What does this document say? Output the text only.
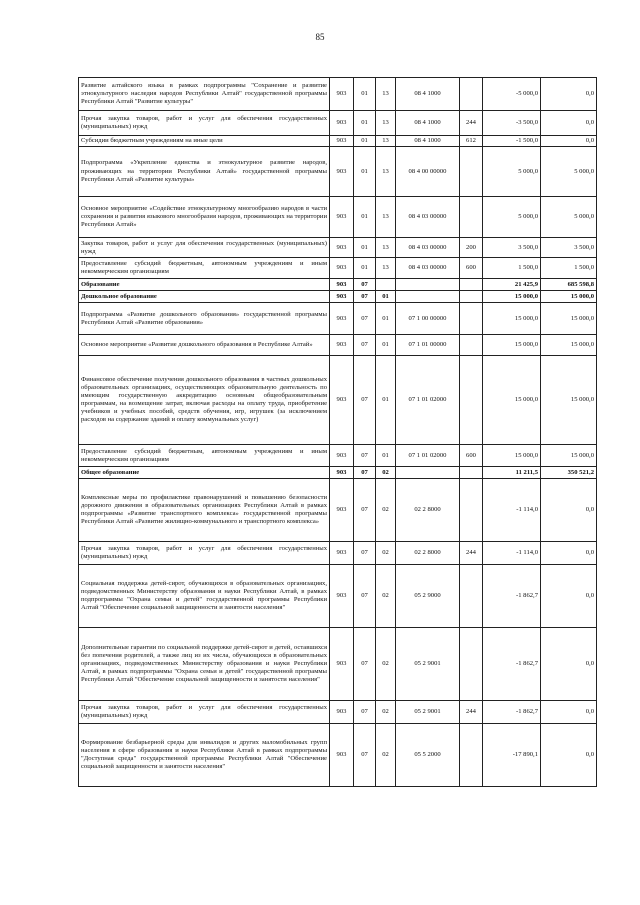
85
Развитие алтайского языка в рамках подпрограммы "Сохранение и развитие этнокультурного наследия народов Республики Алтай" государственной программы Республики Алтай "Развитие культуры"	903	01	13	08 4 1000		-5 000,0	0,0
Прочая закупка товаров, работ и услуг для обеспечения государственных (муниципальных) нужд	903	01	13	08 4 1000	244	-3 500,0	0,0
Субсидии бюджетным учреждениям на иные цели	903	01	13	08 4 1000	612	-1 500,0	0,0
Подпрограмма «Укрепление единства и этнокультурное развитие народов, проживающих на территории Республики Алтай» государственной программы Республики Алтай «Развитие культуры»	903	01	13	08 4 00 00000		5 000,0	5 000,0
Основное мероприятие «Содействие этнокультурному многообразию народов в части сохранения и развития языкового многообразия народов, проживающих на территории Республики Алтай»	903	01	13	08 4 03 00000		5 000,0	5 000,0
Закупка товаров, работ и услуг для обеспечения государственных (муниципальных) нужд	903	01	13	08 4 03 00000	200	3 500,0	3 500,0
Предоставление субсидий бюджетным, автономным учреждениям и иным некоммерческим организациям	903	01	13	08 4 03 00000	600	1 500,0	1 500,0
Образование	903	07				21 425,9	685 598,8
Дошкольное образование	903	07	01			15 000,0	15 000,0
Подпрограмма «Развитие дошкольного образования» государственной программы Республики Алтай «Развитие образования»	903	07	01	07 1 00 00000		15 000,0	15 000,0
Основное мероприятие «Развитие дошкольного образования в Республике Алтай»	903	07	01	07 1 01 00000		15 000,0	15 000,0
Финансовое обеспечение получения дошкольного образования в частных дошкольных образовательных организациях, осуществляющих образовательную деятельность по имеющим государственную аккредитацию основным общеобразовательным программам, на возмещение затрат, включая расходы на оплату труда, приобретение учебников и учебных пособий, средств обучения, игр, игрушек (за исключением расходов на содержание зданий и оплату коммунальных услуг)	903	07	01	07 1 01 02000		15 000,0	15 000,0
Предоставление субсидий бюджетным, автономным учреждениям и иным некоммерческим организациям	903	07	01	07 1 01 02000	600	15 000,0	15 000,0
Общее образование	903	07	02			11 211,5	350 521,2
Комплексные меры по профилактике правонарушений и повышению безопасности дорожного движения в образовательных организациях Республики Алтай в рамках подпрограммы «Развитие транспортного комплекса» государственной программы Республики Алтай «Развитие жилищно-коммунального и транспортного комплекса»	903	07	02	02 2 8000		-1 114,0	0,0
Прочая закупка товаров, работ и услуг для обеспечения государственных (муниципальных) нужд	903	07	02	02 2 8000	244	-1 114,0	0,0
Социальная поддержка детей-сирот, обучающихся в образовательных организациях, подведомственных Министерству образования и науки Республики Алтай, в рамках подпрограммы "Охрана семьи и детей" государственной программы Республики Алтай "Обеспечение социальной защищенности и занятости населения"	903	07	02	05 2 9000		-1 862,7	0,0
Дополнительные гарантии по социальной поддержке детей-сирот и детей, оставшихся без попечения родителей, а также лиц из их числа, обучающихся в образовательных организациях, подведомственных Министерству образования и науки Республики Алтай, в рамках подпрограммы "Охрана семьи и детей" государственной программы Республики Алтай "Обеспечение социальной защищенности и занятости населения"	903	07	02	05 2 9001		-1 862,7	0,0
Прочая закупка товаров, работ и услуг для обеспечения государственных (муниципальных) нужд	903	07	02	05 2 9001	244	-1 862,7	0,0
Формирование безбарьерной среды для инвалидов и других маломобильных групп населения в сфере образования и науки Республики Алтай в рамках подпрограммы "Доступная среда" государственной программы Республики Алтай "Обеспечение социальной защищенности и занятости населения"	903	07	02	05 5 2000		-17 890,1	0,0
